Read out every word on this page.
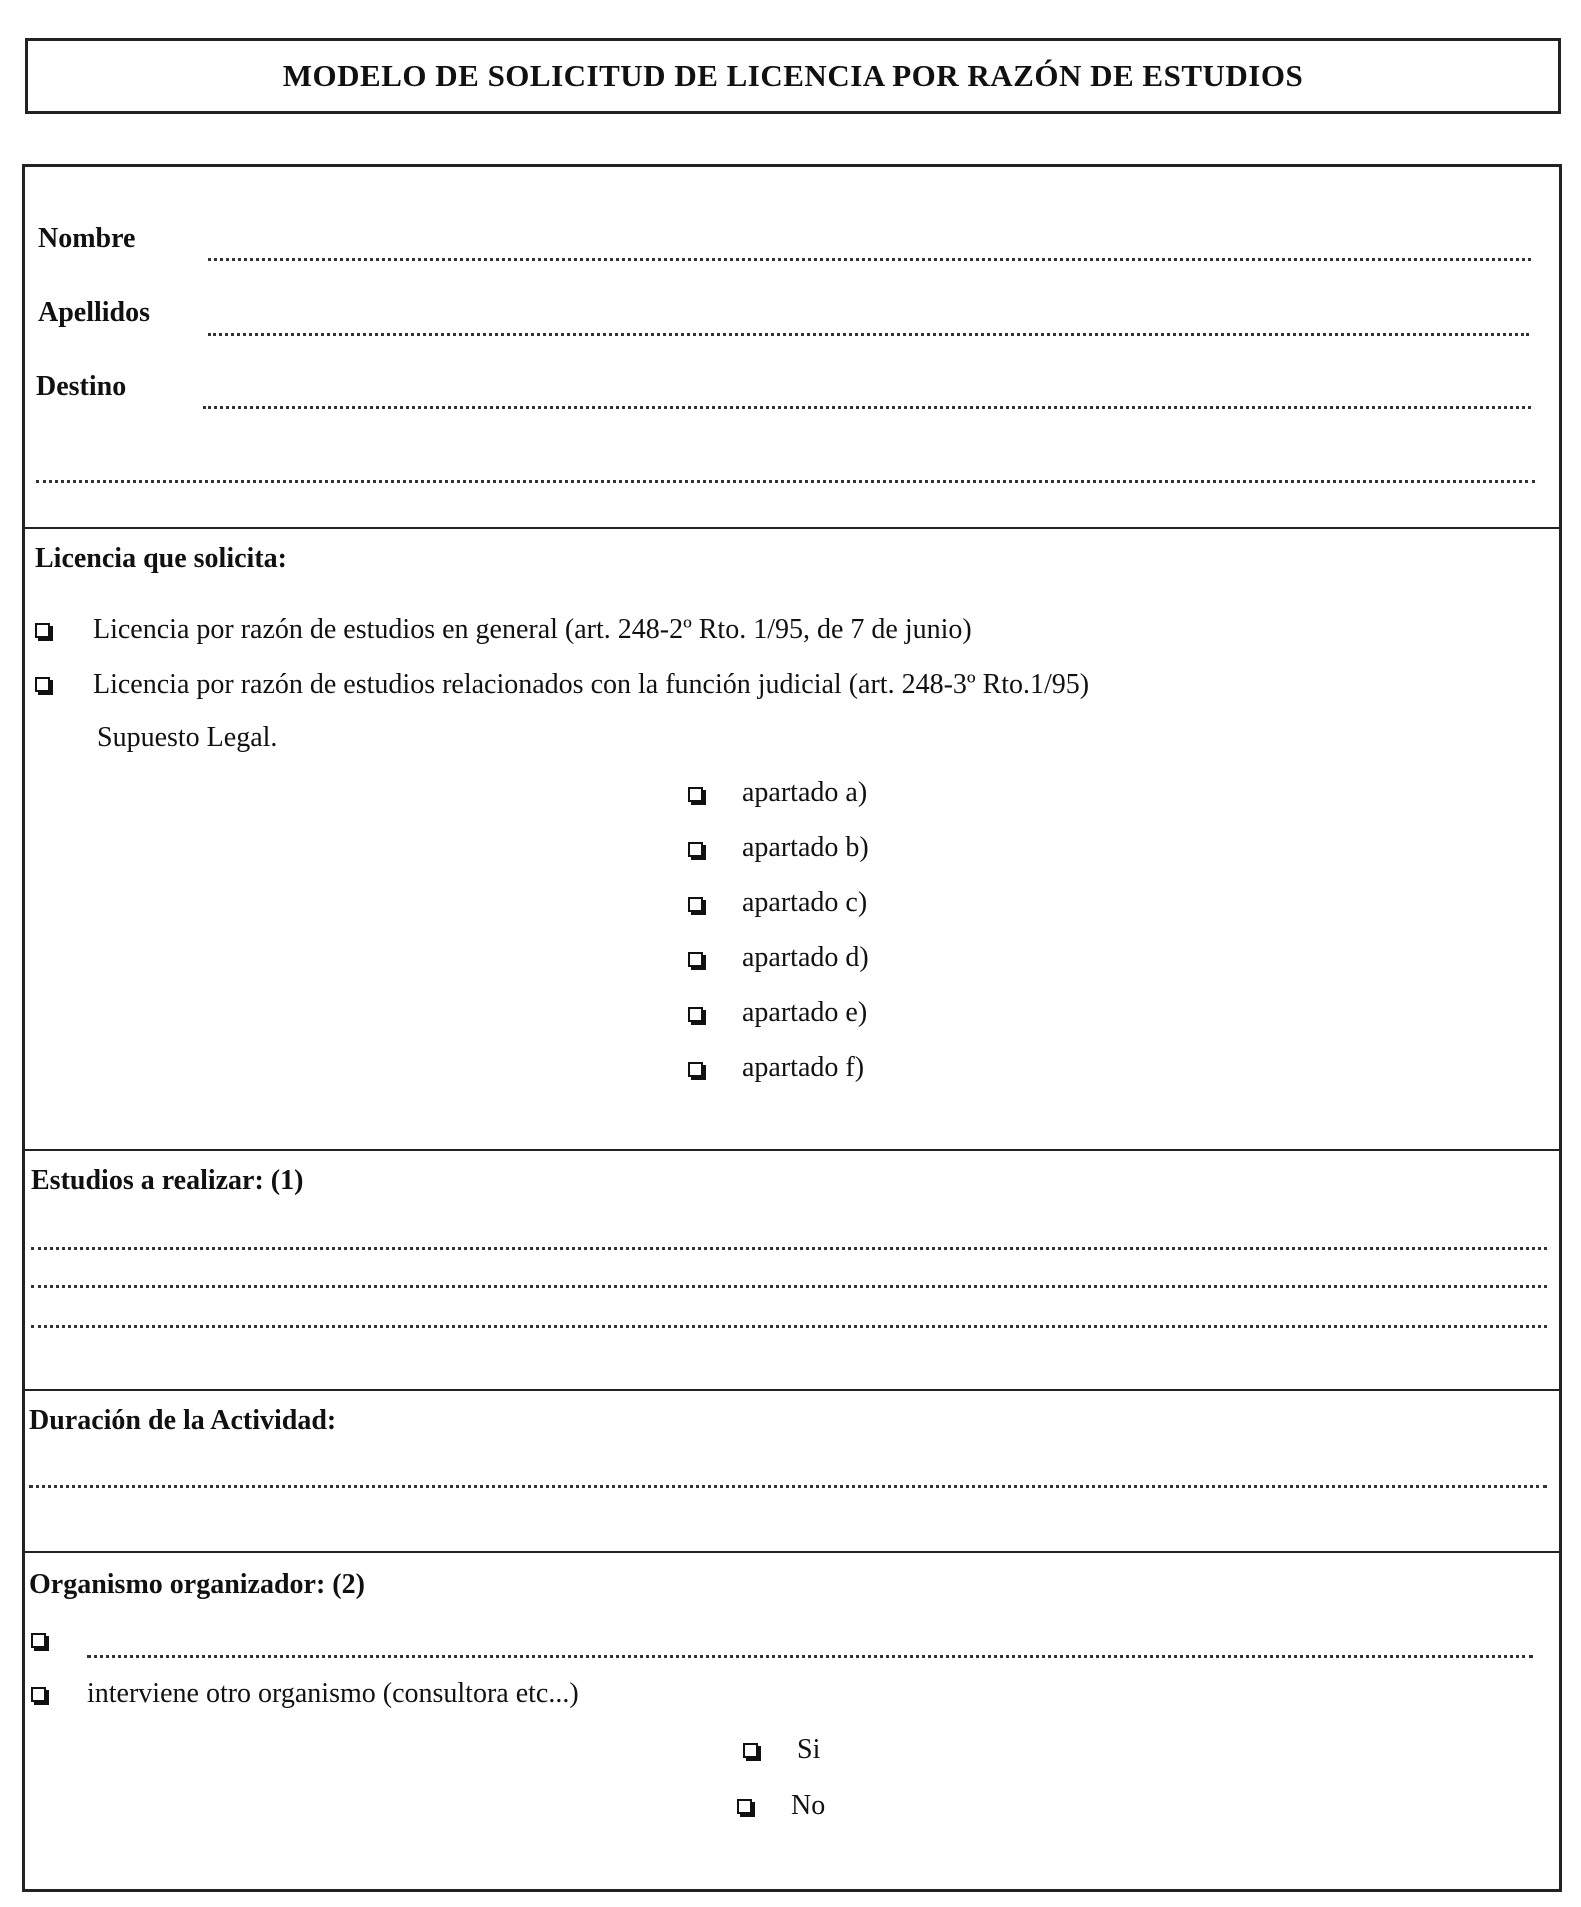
MODELO DE SOLICITUD DE LICENCIA POR RAZÓN DE ESTUDIOS
Nombre
Apellidos
Destino
Licencia que solicita:
Licencia por razón de estudios en general (art. 248-2º Rto. 1/95, de 7 de junio)
Licencia por razón de estudios relacionados con la función judicial (art. 248-3º Rto.1/95)
Supuesto Legal.
apartado a)
apartado b)
apartado c)
apartado d)
apartado e)
apartado f)
Estudios a realizar: (1)
Duración de la Actividad:
Organismo organizador: (2)
interviene otro organismo (consultora etc...)
Si
No
